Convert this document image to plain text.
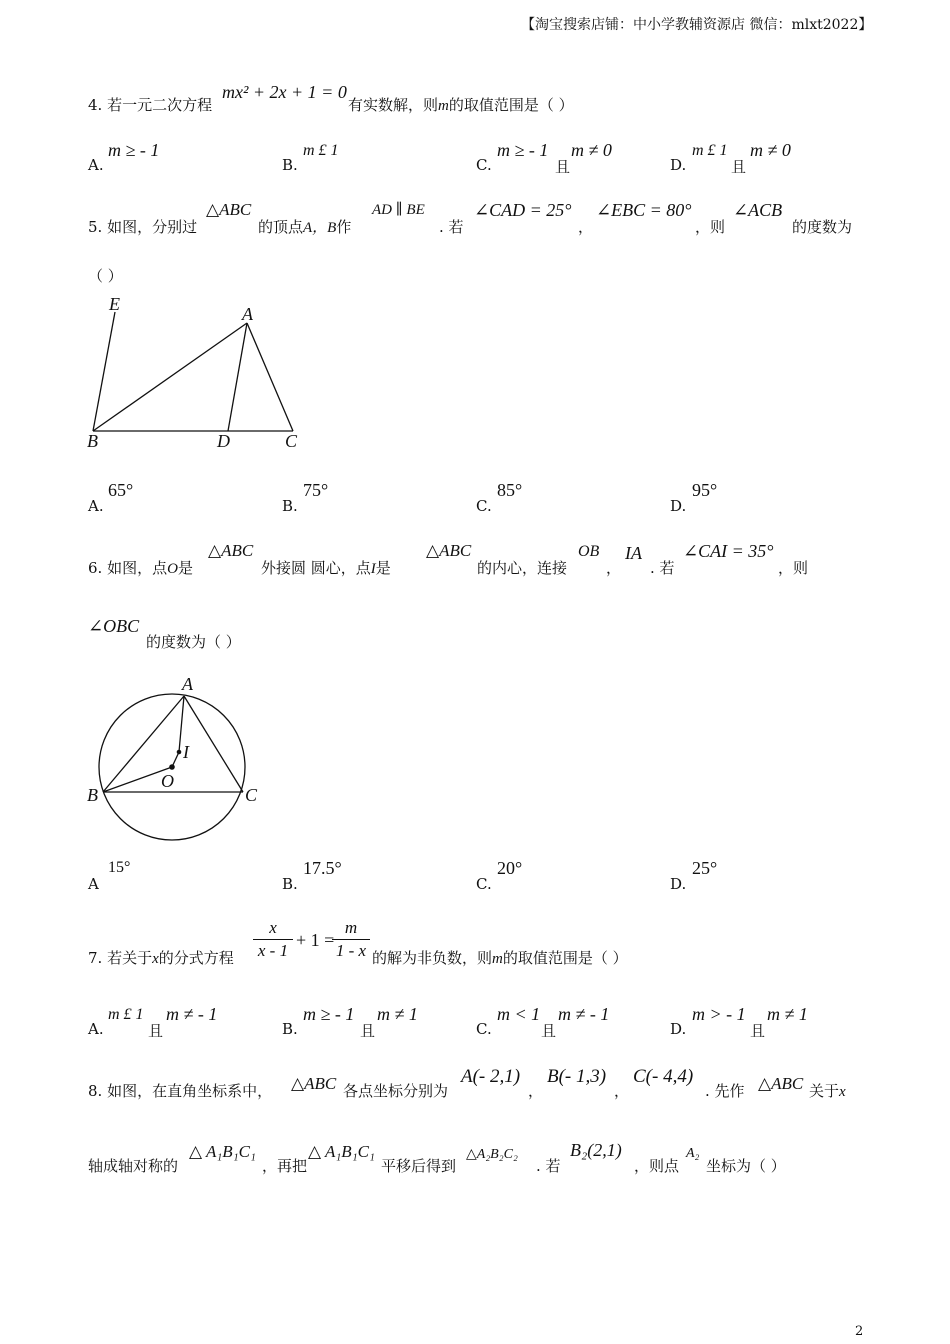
【淘宝搜索店铺：中小学教辅资源店 微信：mlxt2022】
4. 若一元二次方程
mx² + 2x + 1 = 0
有实数解，则m的取值范围是（ ）
A.
m ≥ - 1
B.
m £ 1
C.
m ≥ - 1
且
m ≠ 0
D.
m £ 1
且
m ≠ 0
5. 如图，分别过
△ABC
的顶点A，B作
AD ∥ BE
. 若
∠CAD = 25°
，
∠EBC = 80°
，则
∠ACB
的度数为
（ ）
E	A
B	D	C
A.
65°
B.
75°
C.
85°
D.
95°
6. 如图，点O是
△ABC
外接圆 圆心，点I是
△ABC
的内心，连接
OB
，
IA
. 若
∠CAI = 35°
，则
∠OBC
的度数为（ ）
A
I
O
B	C
A
15°
B.
17.5°
C.
20°
D.
25°
7. 若关于x的分式方程
x
x - 1
+ 1 =
m
1 - x 的解为非负数，则m的取值范围是（ ）
A.
m £ 1
且
m ≠ - 1
B.
m ≥ - 1
且
m ≠ 1
C.
m < 1
且
m ≠ - 1
D.
m > - 1
且
m ≠ 1
8. 如图，在直角坐标系中， △ABC 各点坐标分别为
A(- 2,1)
，
B(- 1,3)
，
C(- 4,4)
. 先作 △ABC 关于x
轴成轴对称的
△ A₁B₁C₁
，再把
△ A₁B₁C₁
平移后得到
△A₂B₂C₂
. 若
B₂(2,1)
，则点
A₂
坐标为（ ）
2
